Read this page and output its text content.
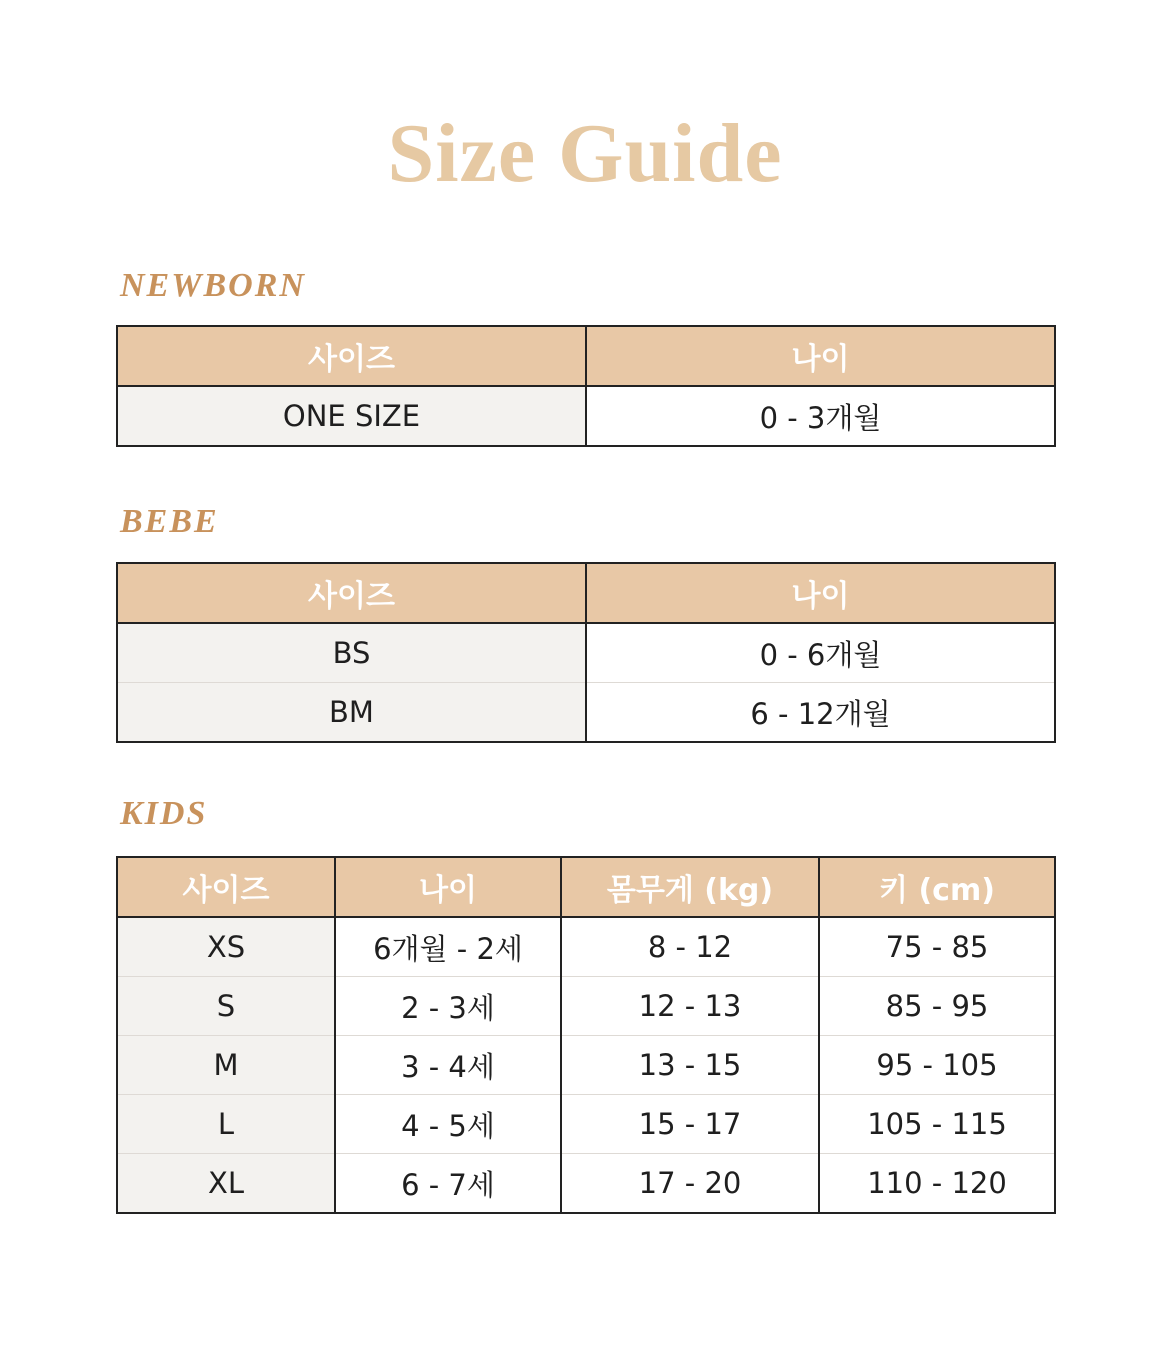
Size Guide
NEWBORN
사이즈	나이
ONE SIZE	0 - 3개월
BEBE
사이즈	나이
BS	0 - 6개월
BM	6 - 12개월
KIDS
사이즈	나이	몸무게 (kg)	키 (cm)
XS	6개월 - 2세	8 - 12	75 - 85
S	2 - 3세	12 - 13	85 - 95
M	3 - 4세	13 - 15	95 - 105
L	4 - 5세	15 - 17	105 - 115
XL	6 - 7세	17 - 20	110 - 120
